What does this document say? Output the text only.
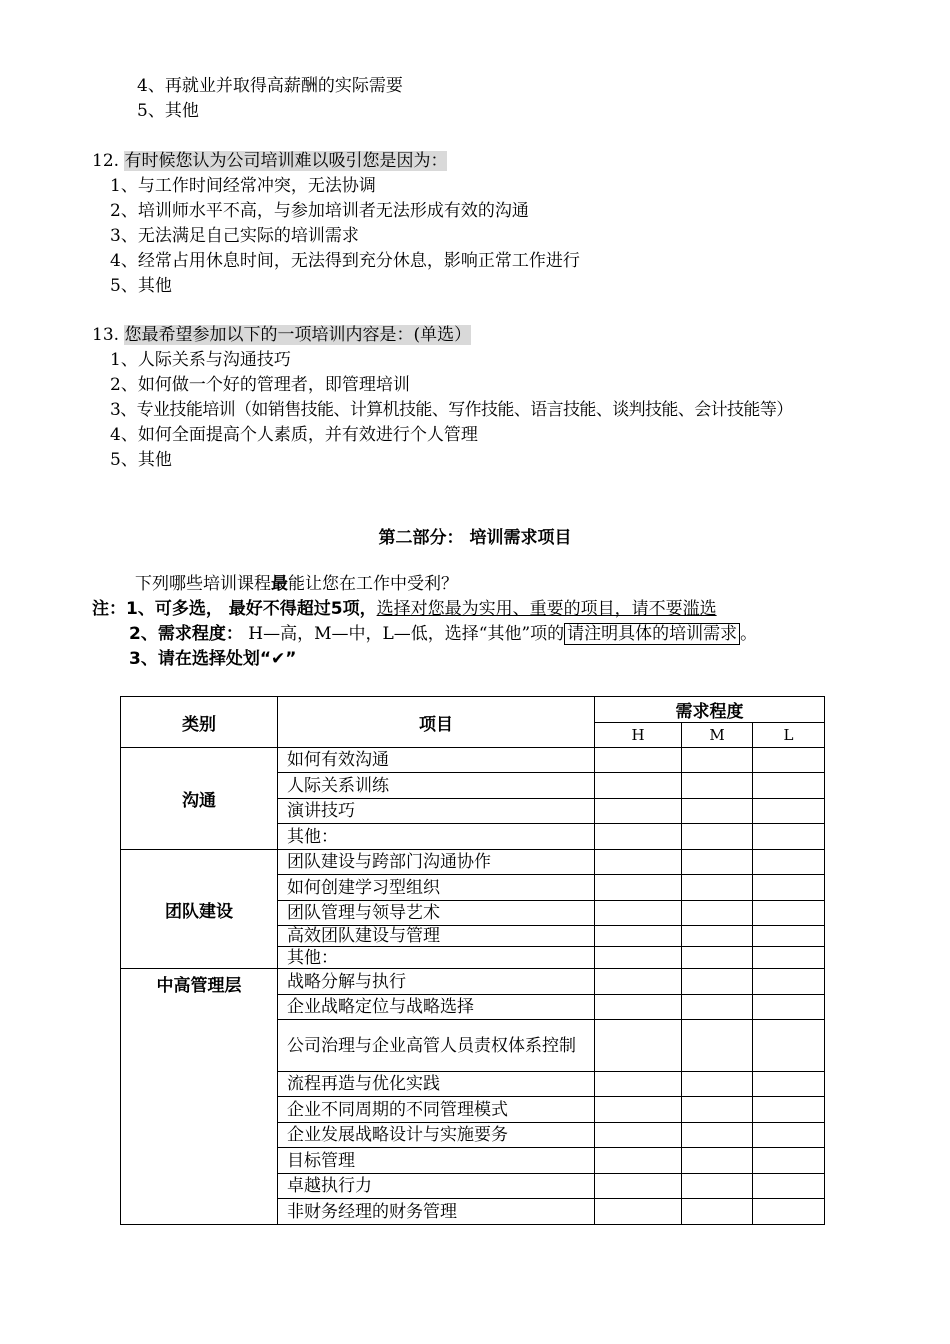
4、再就业并取得高薪酬的实际需要
5、其他
12. 有时候您认为公司培训难以吸引您是因为：
1、与工作时间经常冲突，无法协调
2、培训师水平不高，与参加培训者无法形成有效的沟通
3、无法满足自己实际的培训需求
4、经常占用休息时间，无法得到充分休息，影响正常工作进行
5、其他
13. 您最希望参加以下的一项培训内容是：(单选）
1、人际关系与沟通技巧
2、如何做一个好的管理者，即管理培训
3、专业技能培训（如销售技能、计算机技能、写作技能、语言技能、谈判技能、会计技能等）
4、如何全面提高个人素质，并有效进行个人管理
5、其他
第二部分： 培训需求项目
下列哪些培训课程最能让您在工作中受利？
注：1、可多选， 最好不得超过5项，选择对您最为实用、重要的项目，请不要滥选
2、需求程度： H—高，M—中，L—低，选择“其他”项的 请注明具体的培训需求 。
3、请在选择处划“✔”
类别	项目	需求程度		
		H	M	L
沟通	如何有效沟通			
	人际关系训练			
	演讲技巧			
	其他：			
团队建设	团队建设与跨部门沟通协作			
	如何创建学习型组织			
	团队管理与领导艺术			
	高效团队建设与管理			
	其他：			
中高管理层	战略分解与执行			
	企业战略定位与战略选择			
	公司治理与企业高管人员责权体系控制			
	流程再造与优化实践			
	企业不同周期的不同管理模式			
	企业发展战略设计与实施要务			
	目标管理			
	卓越执行力			
	非财务经理的财务管理			
